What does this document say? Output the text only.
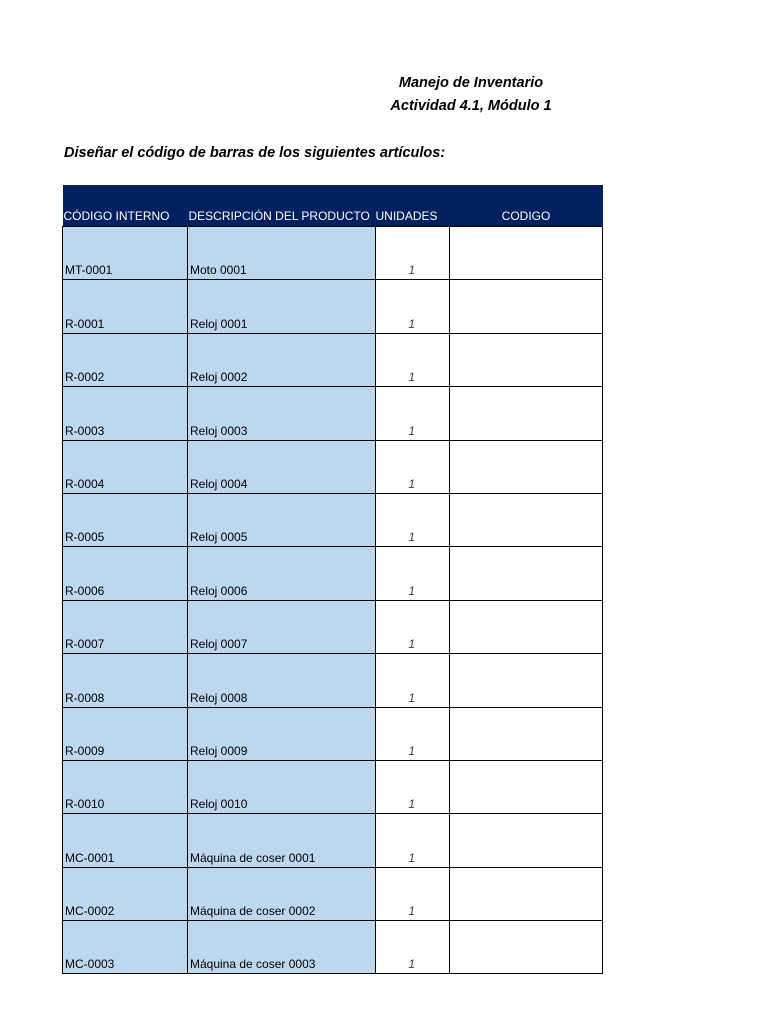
Manejo de Inventario
Actividad 4.1, Módulo 1
Diseñar el código de barras de los siguientes artículos:
CÓDIGO INTERNO	DESCRIPCIÓN DEL PRODUCTO	UNIDADES	CODIGO
MT-0001	Moto 0001	1	
R-0001	Reloj 0001	1	
R-0002	Reloj 0002	1	
R-0003	Reloj 0003	1	
R-0004	Reloj 0004	1	
R-0005	Reloj 0005	1	
R-0006	Reloj 0006	1	
R-0007	Reloj 0007	1	
R-0008	Reloj 0008	1	
R-0009	Reloj 0009	1	
R-0010	Reloj 0010	1	
MC-0001	Máquina de coser 0001	1	
MC-0002	Máquina de coser 0002	1	
MC-0003	Máquina de coser 0003	1	
